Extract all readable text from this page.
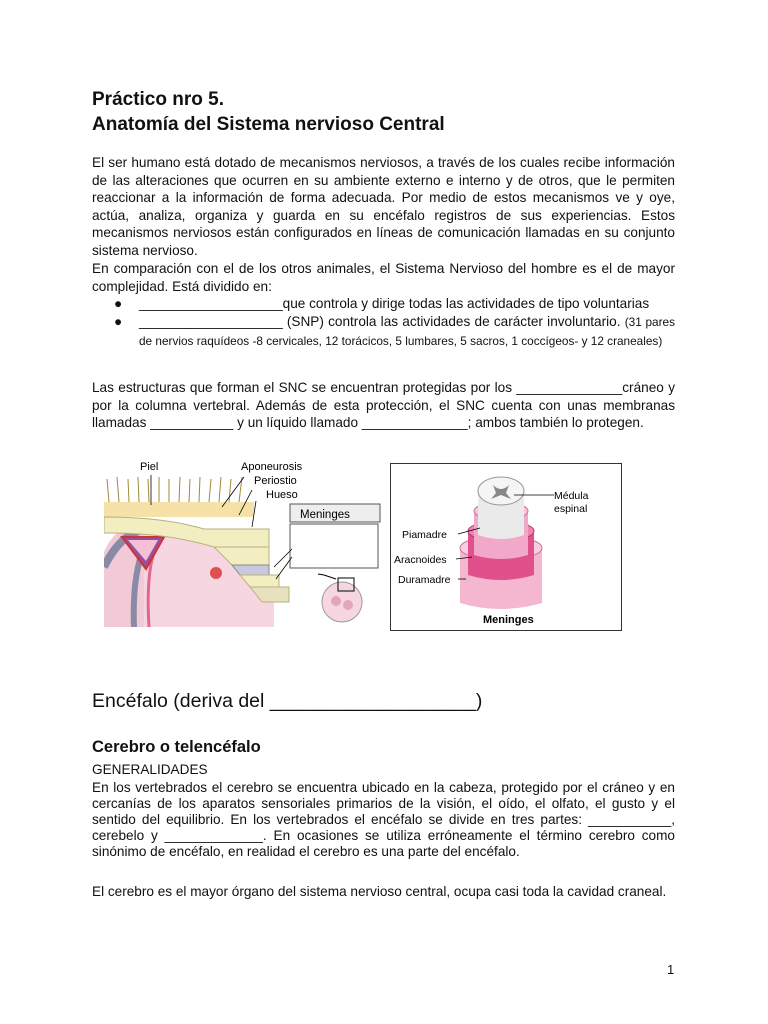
Práctico nro 5.
Anatomía del Sistema nervioso Central

El ser humano está dotado de mecanismos nerviosos, a través de los cuales recibe información de las alteraciones que ocurren en su ambiente externo e interno y de otros, que le permiten reaccionar a la información de forma adecuada. Por medio de estos mecanismos ve y oye, actúa, analiza, organiza y guarda en su encéfalo registros de sus experiencias. Estos mecanismos nerviosos están configurados en líneas de comunicación llamadas en su conjunto sistema nervioso.

En comparación con el de los otros animales, el Sistema Nervioso del hombre es el de mayor complejidad. Está dividido en:

● ___________________que controla y dirige todas las actividades de tipo voluntarias
● ___________________ (SNP) controla las actividades de carácter involuntario. (31 pares de nervios raquídeos -8 cervicales, 12 torácicos, 5 lumbares, 5 sacros, 1 coccígeos- y 12 craneales)

Las estructuras que forman el SNC se encuentran protegidas por los ______________cráneo y por la columna vertebral. Además de esta protección, el SNC cuenta con unas membranas llamadas ___________ y un líquido llamado ______________; ambos también lo protegen.

Piel	Aponeurosis
Periostio
Hueso
Meninges
Médula espinal
Piamadre
Aracnoides
Duramadre
Meninges
Encéfalo (deriva del ___________________)
Cerebro o telencéfalo
GENERALIDADES

En los vertebrados el cerebro se encuentra ubicado en la cabeza, protegido por el cráneo y en cercanías de los aparatos sensoriales primarios de la visión, el oído, el olfato, el gusto y el sentido del equilibrio. En los vertebrados el encéfalo se divide en tres partes: ___________, cerebelo y _____________. En ocasiones se utiliza erróneamente el término cerebro como sinónimo de encéfalo, en realidad el cerebro es una parte del encéfalo.

El cerebro es el mayor órgano del sistema nervioso central, ocupa casi toda la cavidad craneal.

1
